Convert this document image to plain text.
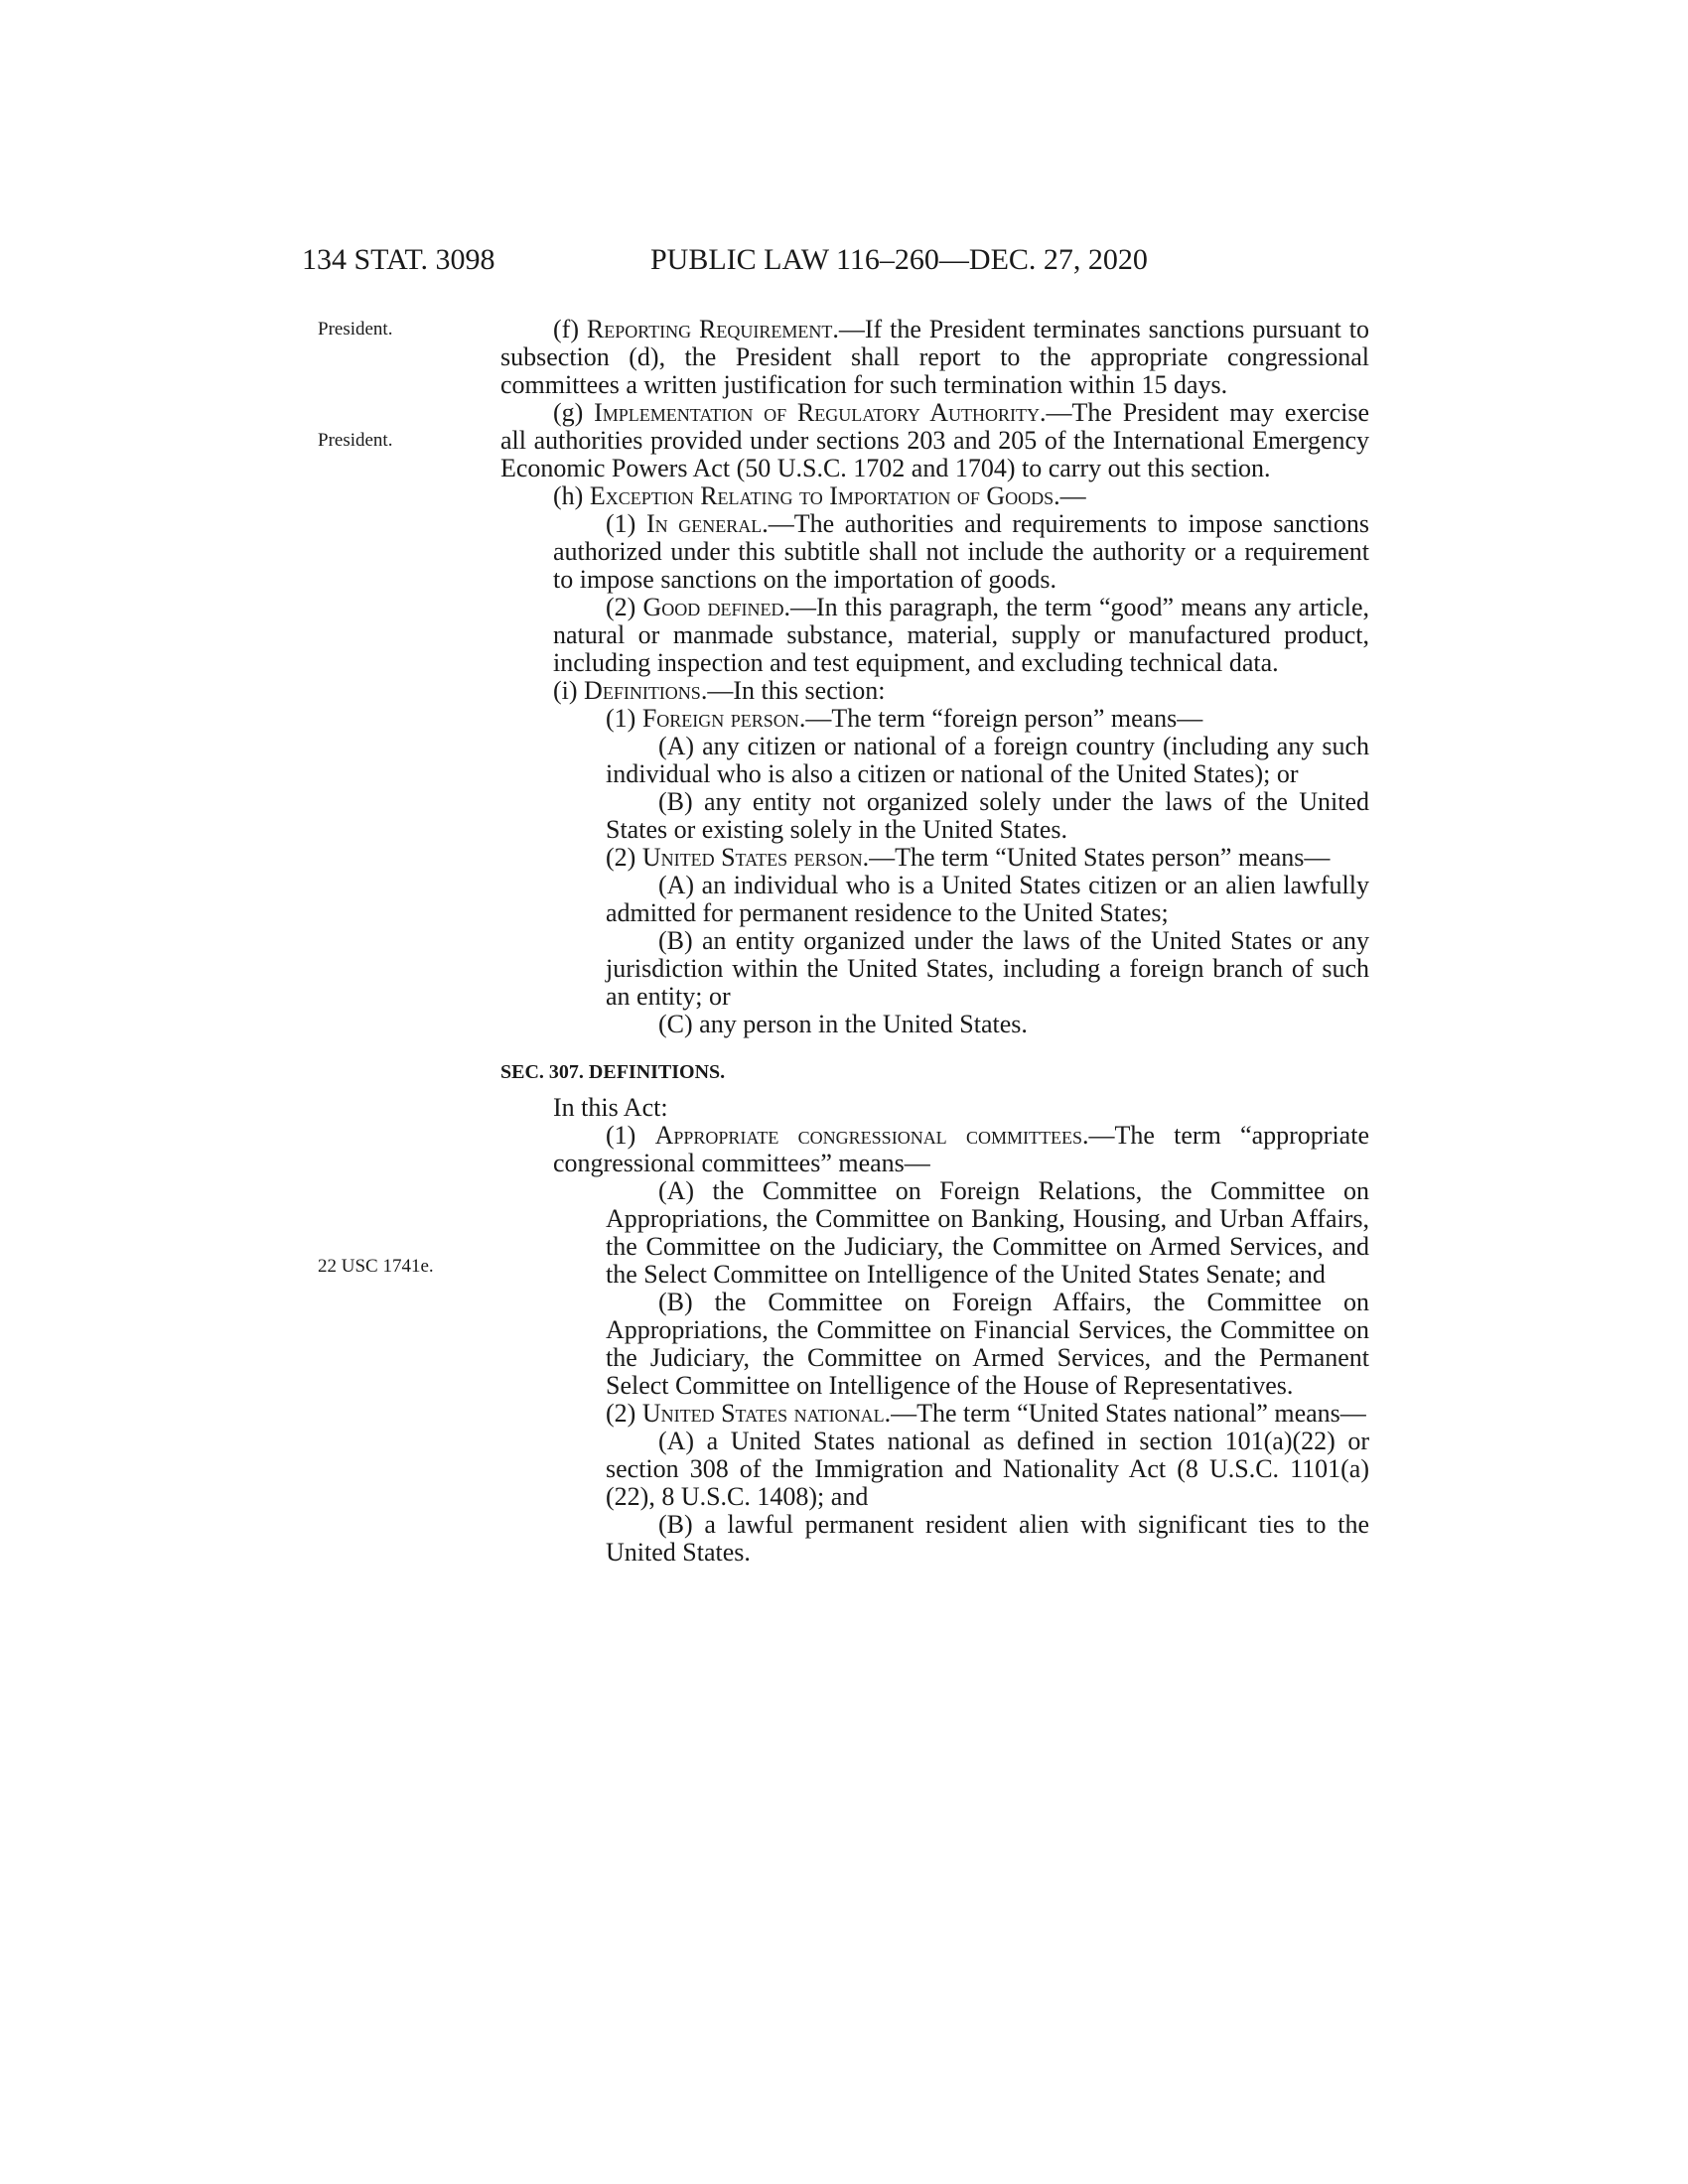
134 STAT. 3098	PUBLIC LAW 116–260—DEC. 27, 2020
President.
President.
22 USC 1741e.

(f) Reporting Requirement.—If the President terminates sanctions pursuant to subsection (d), the President shall report to the appropriate congressional committees a written justification for such termination within 15 days.

(g) Implementation of Regulatory Authority.—The President may exercise all authorities provided under sections 203 and 205 of the International Emergency Economic Powers Act (50 U.S.C. 1702 and 1704) to carry out this section.

(h) Exception Relating to Importation of Goods.—

(1) In general.—The authorities and requirements to impose sanctions authorized under this subtitle shall not include the authority or a requirement to impose sanctions on the importation of goods.

(2) Good defined.—In this paragraph, the term “good” means any article, natural or manmade substance, material, supply or manufactured product, including inspection and test equipment, and excluding technical data.

(i) Definitions.—In this section:

(1) Foreign person.—The term “foreign person” means—

(A) any citizen or national of a foreign country (including any such individual who is also a citizen or national of the United States); or

(B) any entity not organized solely under the laws of the United States or existing solely in the United States.

(2) United States person.—The term “United States person” means—

(A) an individual who is a United States citizen or an alien lawfully admitted for permanent residence to the United States;

(B) an entity organized under the laws of the United States or any jurisdiction within the United States, including a foreign branch of such an entity; or

(C) any person in the United States.

SEC. 307. DEFINITIONS.

In this Act:

(1) Appropriate congressional committees.—The term “appropriate congressional committees” means—

(A) the Committee on Foreign Relations, the Committee on Appropriations, the Committee on Banking, Housing, and Urban Affairs, the Committee on the Judiciary, the Committee on Armed Services, and the Select Committee on Intelligence of the United States Senate; and

(B) the Committee on Foreign Affairs, the Committee on Appropriations, the Committee on Financial Services, the Committee on the Judiciary, the Committee on Armed Services, and the Permanent Select Committee on Intelligence of the House of Representatives.

(2) United States national.—The term “United States national” means—

(A) a United States national as defined in section 101(a)(22) or section 308 of the Immigration and Nationality Act (8 U.S.C. 1101(a)(22), 8 U.S.C. 1408); and

(B) a lawful permanent resident alien with significant ties to the United States.
